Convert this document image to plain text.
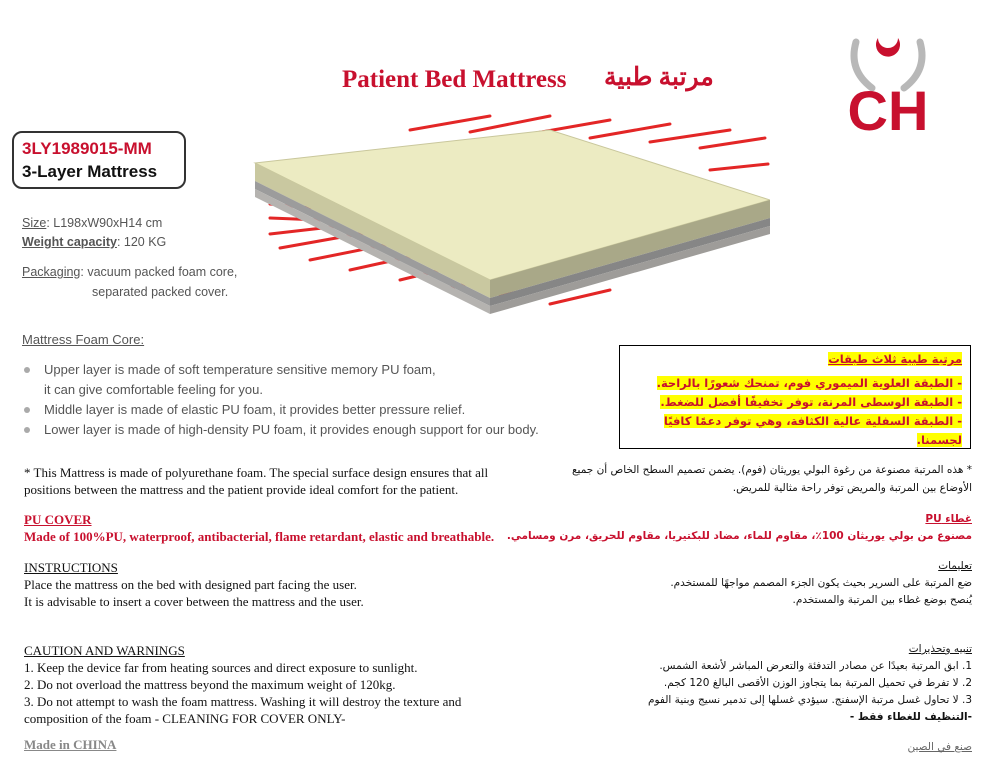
Patient Bed Mattress مرتبة طبية
CH
3LY1989015-MM
3-Layer Mattress
Size: L198xW90xH14 cm
Weight capacity: 120 KG
Packaging: vacuum packed foam core,
separated packed cover.
Mattress Foam Core:
Upper layer is made of soft temperature sensitive memory PU foam,
it can give comfortable feeling for you.
Middle layer is made of elastic PU foam, it provides better pressure relief.
Lower layer is made of high-density PU foam, it provides enough support for our body.
مرتبة طبية ثلاث طبقات
- الطبقة العلوية الميموري فوم، تمنحك شعورًا بالراحة.
- الطبقة الوسطى المرنة، توفر تخفيفًا أفضل للضغط.
- الطبقة السفلية عالية الكثافة، وهي توفر دعمًا كافيًا لجسمنا.
* This Mattress is made of polyurethane foam. The special surface design ensures that all
positions between the mattress and the patient provide ideal comfort for the patient.
* هذه المرتبة مصنوعة من رغوة البولي يوريثان (فوم). يضمن تصميم السطح الخاص أن جميع
الأوضاع بين المرتبة والمريض توفر راحة مثالية للمريض.
PU COVER
Made of 100%PU, waterproof, antibacterial, flame retardant, elastic and breathable.
غطاء PU
مصنوع من بولي يوريثان 100٪، مقاوم للماء، مضاد للبكتيريا، مقاوم للحريق، مرن ومسامي.
INSTRUCTIONS
Place the mattress on the bed with designed part facing the user.
It is advisable to insert a cover between the mattress and the user.
تعليمات
ضع المرتبة على السرير بحيث يكون الجزء المصمم مواجهًا للمستخدم.
يُنصح بوضع غطاء بين المرتبة والمستخدم.
CAUTION AND WARNINGS
1. Keep the device far from heating sources and direct exposure to sunlight.
2. Do not overload the mattress beyond the maximum weight of 120kg.
3. Do not attempt to wash the foam mattress. Washing it will destroy the texture and
composition of the foam - CLEANING FOR COVER ONLY-
تنبيه وتحذيرات
1. ابق المرتبة بعيدًا عن مصادر التدفئة والتعرض المباشر لأشعة الشمس.
2. لا تفرط في تحميل المرتبة بما يتجاوز الوزن الأقصى البالغ 120 كجم.
3. لا تحاول غسل مرتبة الإسفنج. سيؤدي غسلها إلى تدمير نسيج وبنية الفوم
-التنظيف للغطاء فقط -
Made in CHINA	صنع في الصين
